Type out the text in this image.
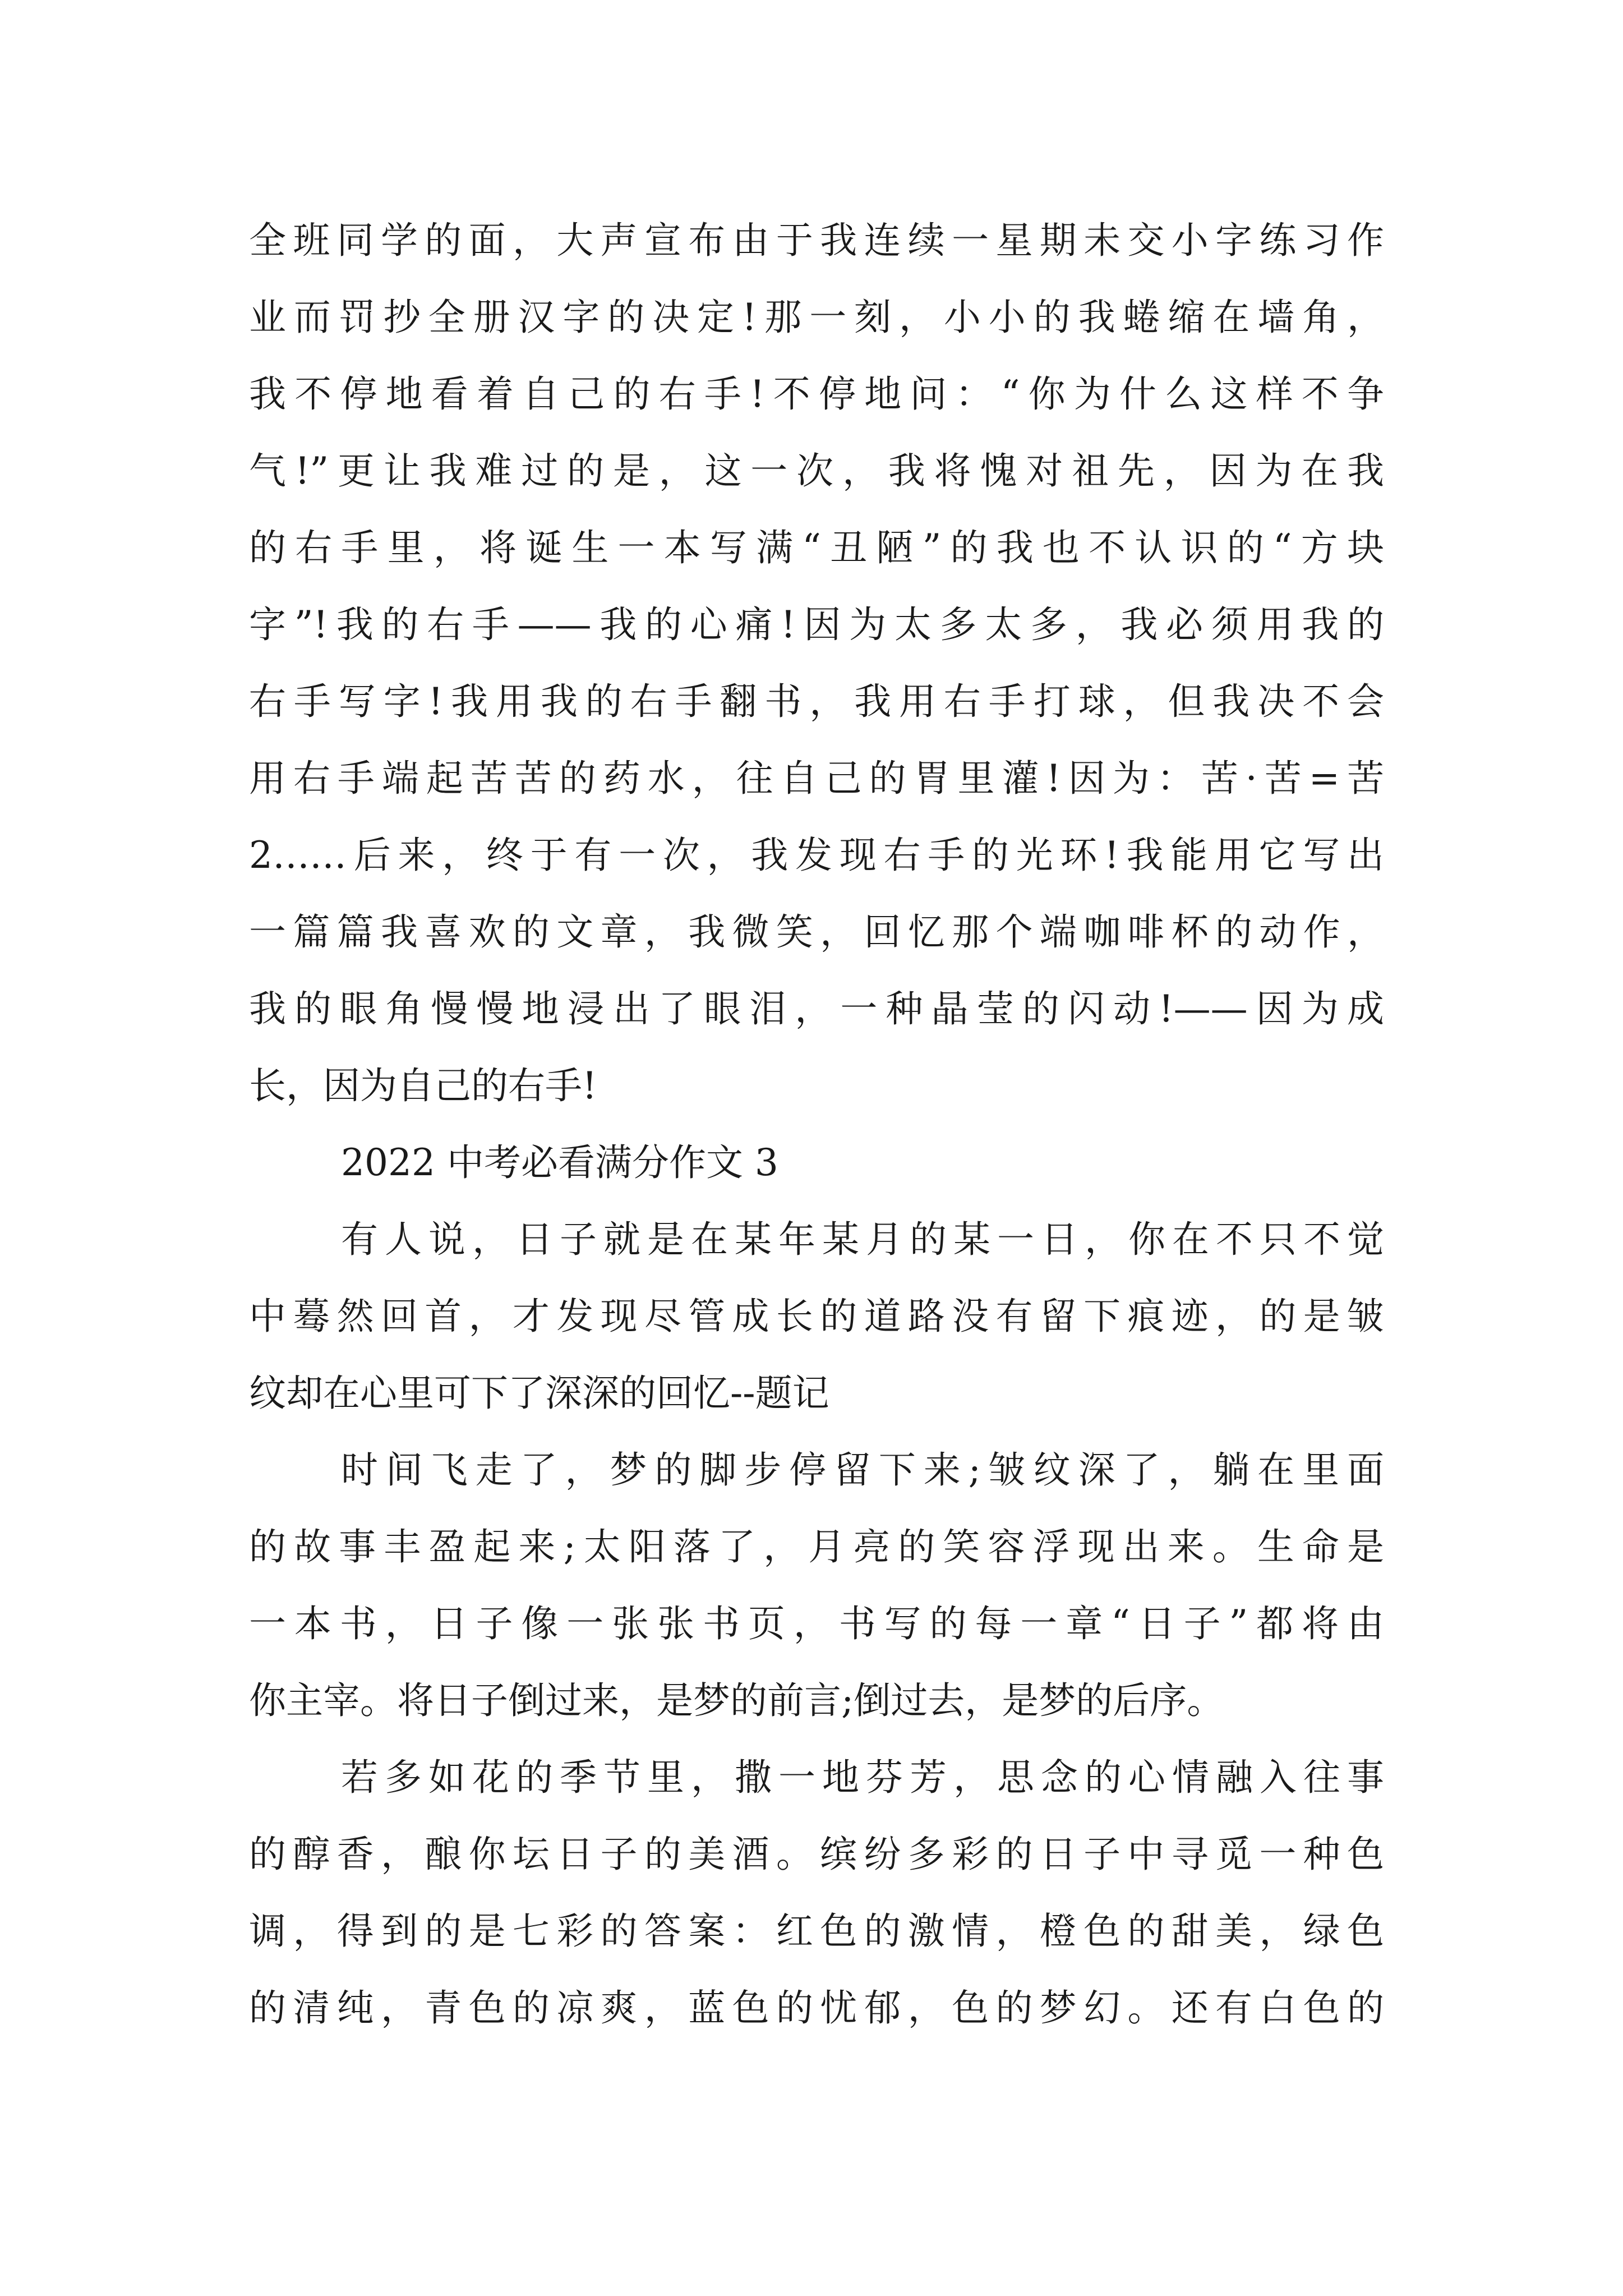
全班同学的面，大声宣布由于我连续一星期未交小字练习作
业而罚抄全册汉字的决定!那一刻，小小的我蜷缩在墙角，
我不停地看着自己的右手!不停地问：“你为什么这样不争
气!”更让我难过的是，这一次，我将愧对祖先，因为在我
的右手里，将诞生一本写满“丑陋”的我也不认识的“方块
字”!我的右手——我的心痛!因为太多太多，我必须用我的
右手写字!我用我的右手翻书，我用右手打球，但我决不会
用右手端起苦苦的药水，往自己的胃里灌!因为：苦·苦=苦
2……后来，终于有一次，我发现右手的光环!我能用它写出
一篇篇我喜欢的文章，我微笑，回忆那个端咖啡杯的动作，
我的眼角慢慢地浸出了眼泪，一种晶莹的闪动!——因为成
长，因为自己的右手!
2022 中考必看满分作文 3
有人说，日子就是在某年某月的某一日，你在不只不觉
中蓦然回首，才发现尽管成长的道路没有留下痕迹，的是皱
纹却在心里可下了深深的回忆--题记
时间飞走了，梦的脚步停留下来;皱纹深了，躺在里面
的故事丰盈起来;太阳落了，月亮的笑容浮现出来。生命是
一本书，日子像一张张书页，书写的每一章“日子”都将由
你主宰。将日子倒过来，是梦的前言;倒过去，是梦的后序。
若多如花的季节里，撒一地芬芳，思念的心情融入往事
的醇香，酿你坛日子的美酒。缤纷多彩的日子中寻觅一种色
调，得到的是七彩的答案：红色的激情，橙色的甜美，绿色
的清纯，青色的凉爽，蓝色的忧郁，色的梦幻。还有白色的
